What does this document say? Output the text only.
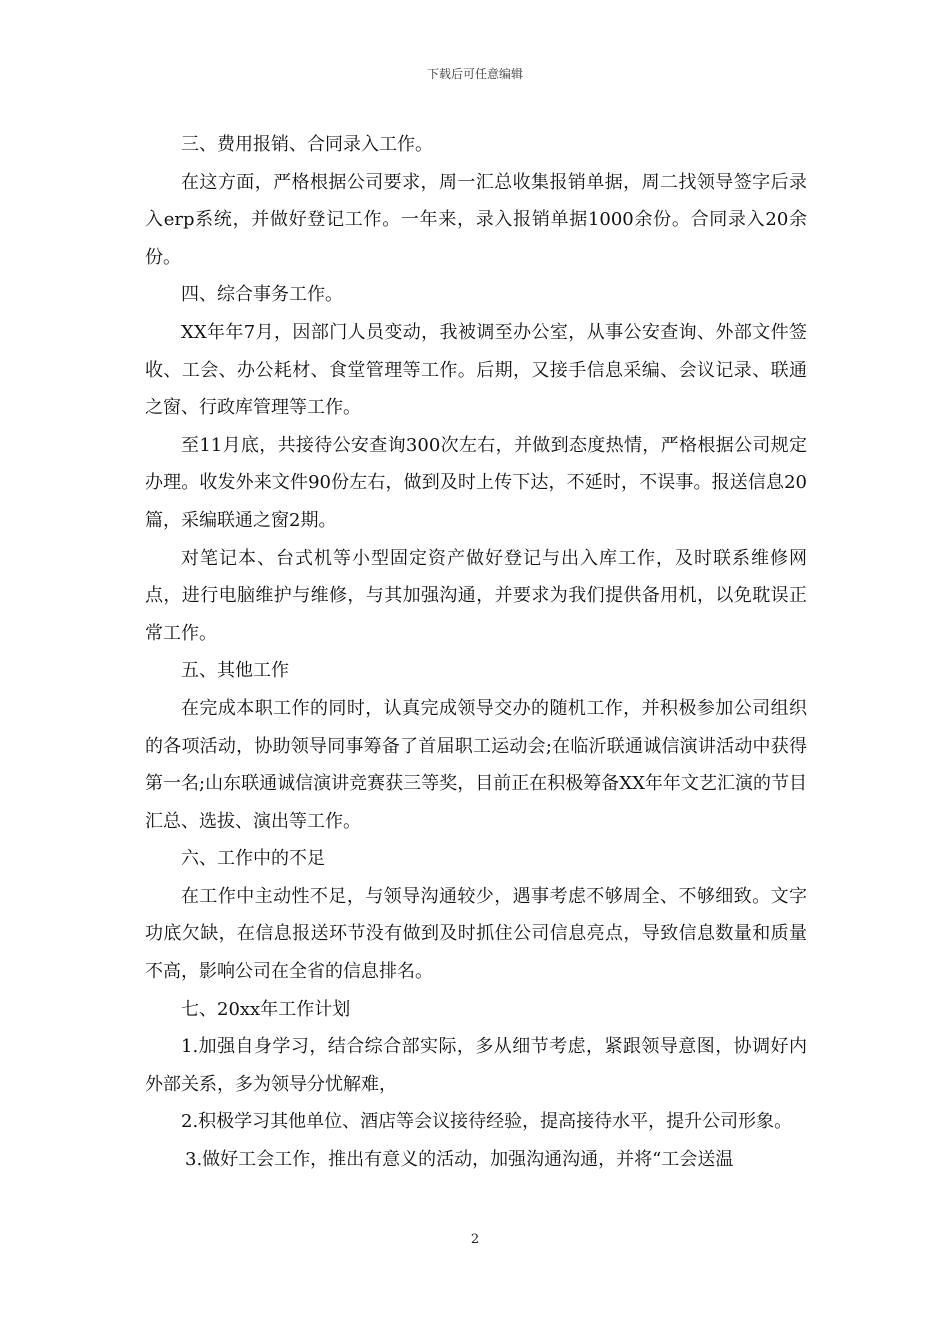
下载后可任意编辑

三、费用报销、合同录入工作。

在这方面，严格根据公司要求，周一汇总收集报销单据，周二找领导签字后录入erp系统，并做好登记工作。一年来，录入报销单据1000余份。合同录入20余份。

四、综合事务工作。

XX年年7月，因部门人员变动，我被调至办公室，从事公安查询、外部文件签收、工会、办公耗材、食堂管理等工作。后期，又接手信息采编、会议记录、联通之窗、行政库管理等工作。

至11月底，共接待公安查询300次左右，并做到态度热情，严格根据公司规定办理。收发外来文件90份左右，做到及时上传下达，不延时，不误事。报送信息20篇，采编联通之窗2期。

对笔记本、台式机等小型固定资产做好登记与出入库工作，及时联系维修网点，进行电脑维护与维修，与其加强沟通，并要求为我们提供备用机，以免耽误正常工作。

五、其他工作

在完成本职工作的同时，认真完成领导交办的随机工作，并积极参加公司组织的各项活动，协助领导同事筹备了首届职工运动会;在临沂联通诚信演讲活动中获得第一名;山东联通诚信演讲竞赛获三等奖，目前正在积极筹备XX年年文艺汇演的节目汇总、选拔、演出等工作。

六、工作中的不足

在工作中主动性不足，与领导沟通较少，遇事考虑不够周全、不够细致。文字功底欠缺，在信息报送环节没有做到及时抓住公司信息亮点，导致信息数量和质量不高，影响公司在全省的信息排名。

七、20xx年工作计划

1.加强自身学习，结合综合部实际，多从细节考虑，紧跟领导意图，协调好内外部关系，多为领导分忧解难，

2.积极学习其他单位、酒店等会议接待经验，提高接待水平，提升公司形象。

3.做好工会工作，推出有意义的活动，加强沟通沟通，并将“工会送温

2
